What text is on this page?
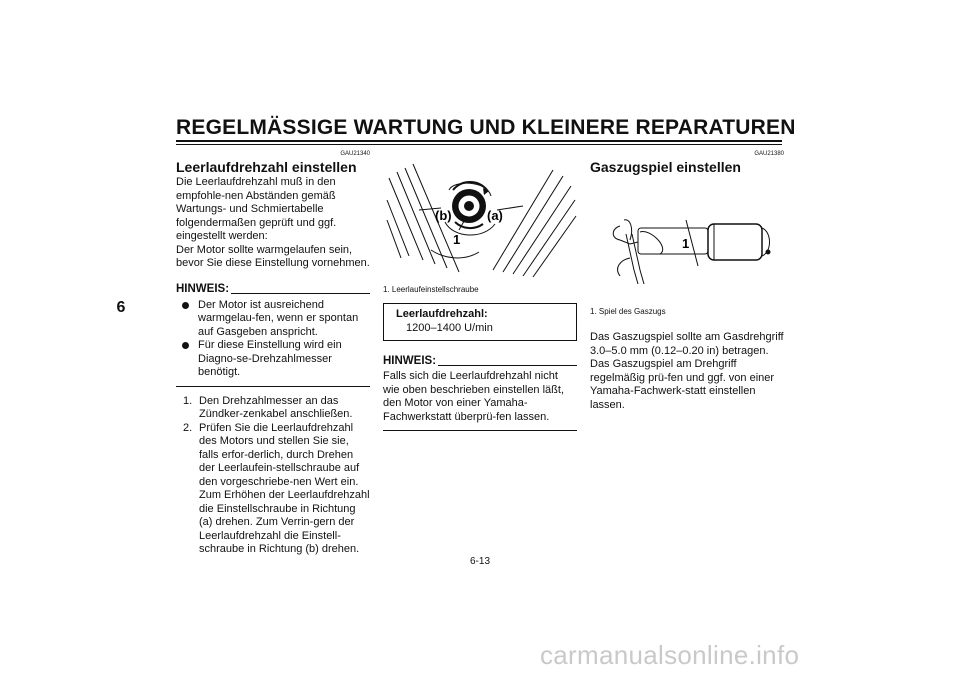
REGELMÄSSIGE WARTUNG UND KLEINERE REPARATUREN
6
GAU21340
Leerlaufdrehzahl einstellen

Die Leerlaufdrehzahl muß in den empfohle-nen Abständen gemäß Wartungs- und Schmiertabelle folgendermaßen geprüft und ggf. eingestellt werden:

Der Motor sollte warmgelaufen sein, bevor Sie diese Einstellung vornehmen.

HINWEIS:
Der Motor ist ausreichend warmgelau-fen, wenn er spontan auf Gasgeben anspricht.
Für diese Einstellung wird ein Diagno-se-Drehzahlmesser benötigt.
1. Den Drehzahlmesser an das Zündker-zenkabel anschließen.
2. Prüfen Sie die Leerlaufdrehzahl des Motors und stellen Sie sie, falls erfor-derlich, durch Drehen der Leerlaufein-stellschraube auf den vorgeschriebe-nen Wert ein. Zum Erhöhen der Leerlaufdrehzahl die Einstellschraube in Richtung (a) drehen. Zum Verrin-gern der Leerlaufdrehzahl die Einstell-schraube in Richtung (b) drehen.
(b)	(a)
1
1. Leerlaufeinstellschraube
Leerlaufdrehzahl:
1200–1400 U/min
HINWEIS:

Falls sich die Leerlaufdrehzahl nicht wie oben beschrieben einstellen läßt, den Motor von einer Yamaha-Fachwerkstatt überprü-fen lassen.

GAU21380
Gaszugspiel einstellen
1
1. Spiel des Gaszugs

Das Gaszugspiel sollte am Gasdrehgriff 3.0–5.0 mm (0.12–0.20 in) betragen. Das Gaszugspiel am Drehgriff regelmäßig prü-fen und ggf. von einer Yamaha-Fachwerk-statt einstellen lassen.

6-13
carmanualsonline.info
